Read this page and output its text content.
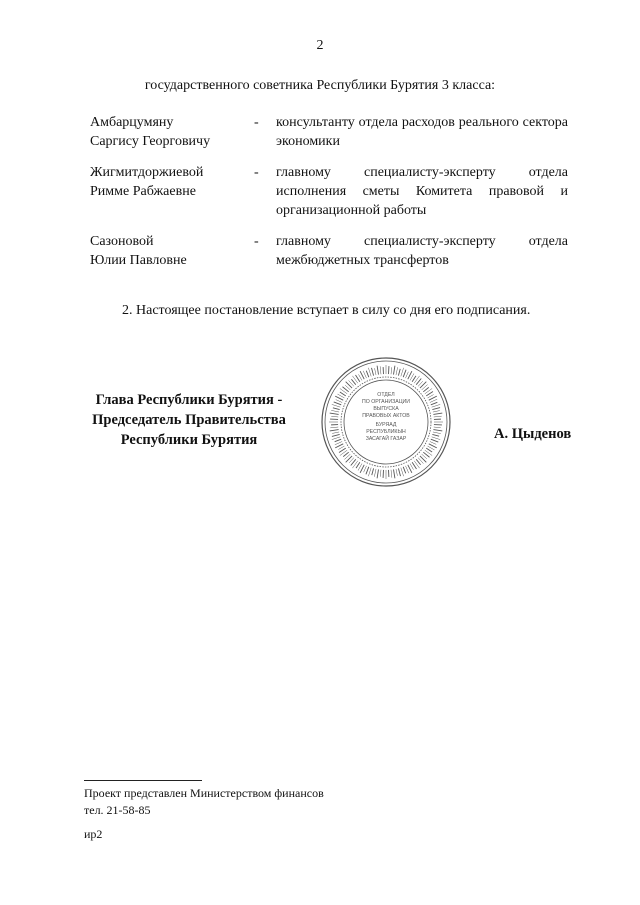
2
государственного советника Республики Бурятия 3 класса:
Амбарцумяну
Саргису Георговичу
- консультанту отдела расходов реального сектора экономики
Жигмитдоржиевой
Римме Рабжаевне
- главному специалисту-эксперту отдела исполнения сметы Комитета правовой и организационной работы
Сазоновой
Юлии Павловне
- главному специалисту-эксперту отдела межбюджетных трансфертов
2. Настоящее постановление вступает в силу со дня его подписания.
Глава Республики Бурятия -
Председатель Правительства
Республики Бурятия
ОТДЕЛ
ПО ОРГАНИЗАЦИИ
ВЫПУСКА
ПРАВОВЫХ АКТОВ
БУРЯАД
РЕСПУБЛИКЫН
ЗАСАГАЙ ГАЗАР	А. Цыденов
Проект представлен Министерством финансов
тел. 21-58-85
ир2
